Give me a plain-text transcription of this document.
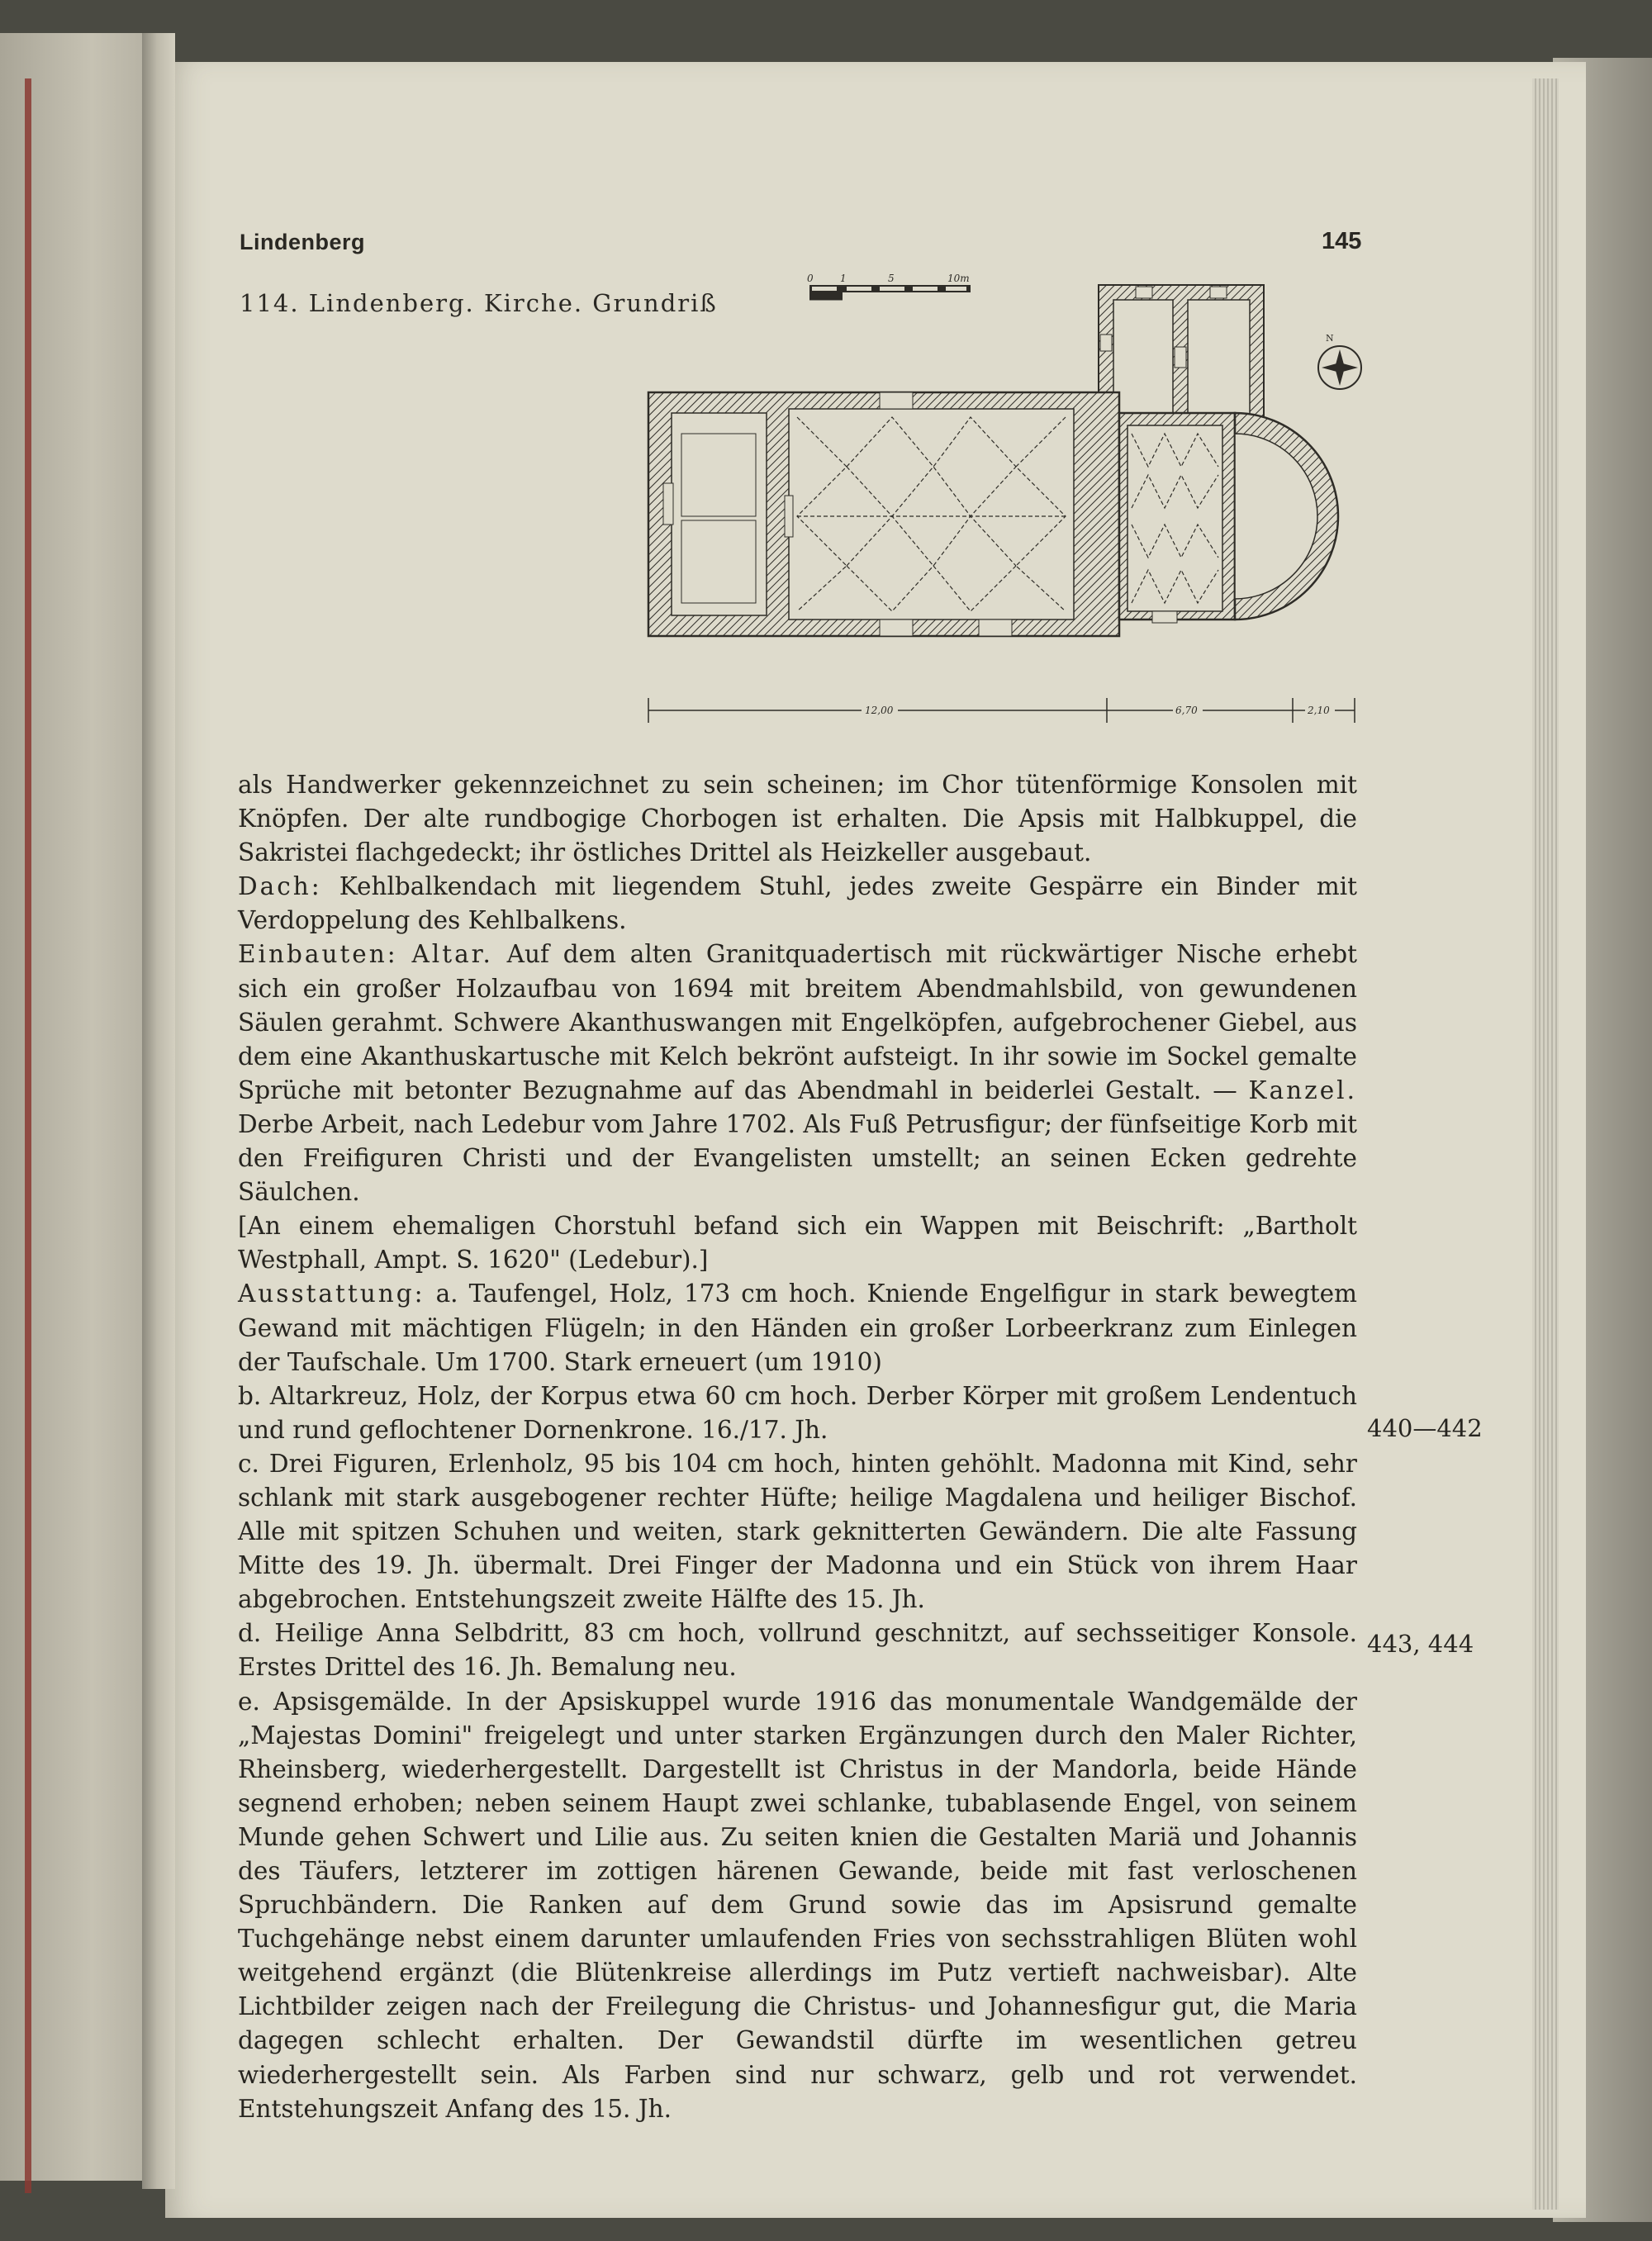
Lindenberg	145
114. Lindenberg. Kirche. Grundriß
0	1	5	10m
N
12,00	6,70	2,10

als Handwerker gekennzeichnet zu sein scheinen; im Chor tütenförmige Konsolen mit Knöpfen. Der alte rundbogige Chorbogen ist erhalten. Die Apsis mit Halbkuppel, die Sakristei flachgedeckt; ihr östliches Drittel als Heizkeller ausgebaut.

Dach: Kehlbalkendach mit liegendem Stuhl, jedes zweite Gespärre ein Binder mit Verdoppelung des Kehlbalkens.

Einbauten: Altar. Auf dem alten Granitquadertisch mit rückwärtiger Nische erhebt sich ein großer Holzaufbau von 1694 mit breitem Abendmahlsbild, von gewundenen Säulen gerahmt. Schwere Akanthuswangen mit Engelköpfen, aufgebrochener Giebel, aus dem eine Akanthuskartusche mit Kelch bekrönt aufsteigt. In ihr sowie im Sockel gemalte Sprüche mit betonter Bezugnahme auf das Abendmahl in beiderlei Gestalt. — Kanzel. Derbe Arbeit, nach Ledebur vom Jahre 1702. Als Fuß Petrusfigur; der fünfseitige Korb mit den Freifiguren Christi und der Evangelisten umstellt; an seinen Ecken gedrehte Säulchen.

[An einem ehemaligen Chorstuhl befand sich ein Wappen mit Beischrift: „Bartholt Westphall, Ampt. S. 1620" (Ledebur).]

Ausstattung: a. Taufengel, Holz, 173 cm hoch. Kniende Engelfigur in stark bewegtem Gewand mit mächtigen Flügeln; in den Händen ein großer Lorbeerkranz zum Einlegen der Taufschale. Um 1700. Stark erneuert (um 1910)

b. Altarkreuz, Holz, der Korpus etwa 60 cm hoch. Derber Körper mit großem Lendentuch und rund geflochtener Dornenkrone. 16./17. Jh.

c. Drei Figuren, Erlenholz, 95 bis 104 cm hoch, hinten gehöhlt. Madonna mit Kind, sehr schlank mit stark ausgebogener rechter Hüfte; heilige Magdalena und heiliger Bischof. Alle mit spitzen Schuhen und weiten, stark geknitterten Gewändern. Die alte Fassung Mitte des 19. Jh. übermalt. Drei Finger der Madonna und ein Stück von ihrem Haar abgebrochen. Entstehungszeit zweite Hälfte des 15. Jh.

d. Heilige Anna Selbdritt, 83 cm hoch, vollrund geschnitzt, auf sechsseitiger Konsole. Erstes Drittel des 16. Jh. Bemalung neu.

e. Apsisgemälde. In der Apsiskuppel wurde 1916 das monumentale Wandgemälde der „Majestas Domini" freigelegt und unter starken Ergänzungen durch den Maler Richter, Rheinsberg, wiederhergestellt. Dargestellt ist Christus in der Mandorla, beide Hände segnend erhoben; neben seinem Haupt zwei schlanke, tubablasende Engel, von seinem Munde gehen Schwert und Lilie aus. Zu seiten knien die Gestalten Mariä und Johannis des Täufers, letzterer im zottigen härenen Gewande, beide mit fast verloschenen Spruchbändern. Die Ranken auf dem Grund sowie das im Apsisrund gemalte Tuchgehänge nebst einem darunter umlaufenden Fries von sechsstrahligen Blüten wohl weitgehend ergänzt (die Blütenkreise allerdings im Putz vertieft nachweisbar). Alte Lichtbilder zeigen nach der Freilegung die Christus- und Johannesfigur gut, die Maria dagegen schlecht erhalten. Der Gewandstil dürfte im wesentlichen getreu wiederhergestellt sein. Als Farben sind nur schwarz, gelb und rot verwendet. Entstehungszeit Anfang des 15. Jh.

440—442
443, 444
